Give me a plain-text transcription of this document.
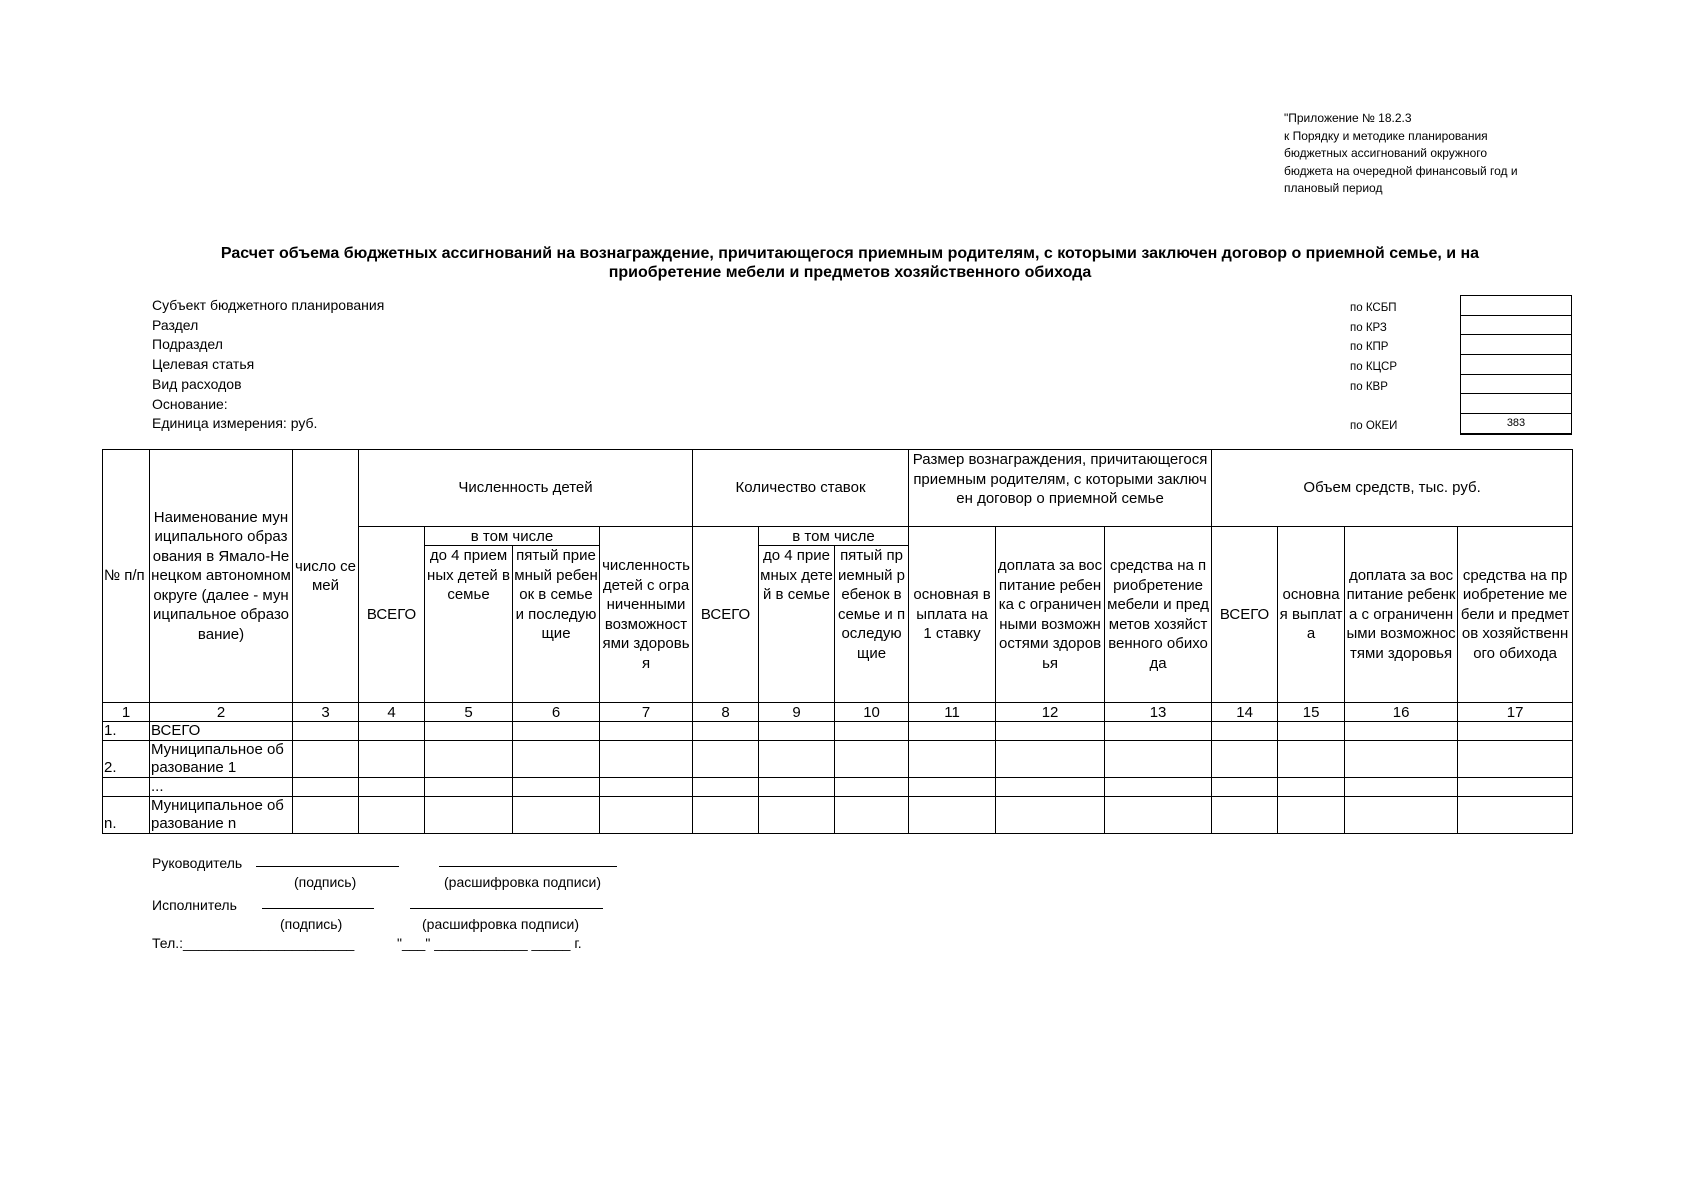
"Приложение № 18.2.3
к Порядку и методике планирования
бюджетных ассигнований окружного
бюджета на очередной финансовый год и
плановый период
Расчет объема бюджетных ассигнований на вознаграждение, причитающегося приемным родителям, с которыми заключен договор о приемной семье, и на
приобретение мебели и предметов хозяйственного обихода
Субъект бюджетного планирования
Раздел
Подраздел
Целевая статья
Вид расходов
Основание:
Единица измерения: руб.
по КСБП
по КРЗ
по КПР
по КЦСР
по КВР

по ОКЕИ	383
№ п/п	Наименование муниципального образования в Ямало-Ненецком автономном округе (далее - муниципальное образование)	число семей	Численность детей				Количество ставок			Размер вознаграждения, причитающегося приемным родителям, с которыми заключен договор о приемной семье			Объем средств, тыс. руб.			
			ВСЕГО	в том числе		численность детей с ограниченными возможностями здоровья	ВСЕГО	в том числе		основная выплата на 1 ставку	доплата за воспитание ребенка с ограниченными возможностями здоровья	средства на приобретение мебели и предметов хозяйственного обихода	ВСЕГО	основная выплата	доплата за воспитание ребенка с ограниченными возможностями здоровья	средства на приобретение мебели и предметов хозяйственного обихода
				до 4 приемных детей в семье	пятый приемный ребенок в семье и последующие			до 4 приемных детей в семье	пятый приемный ребенок в семье и последующие							
1	2	3	4	5	6	7	8	9	10	11	12	13	14	15	16	17
1.	ВСЕГО															
2.	Муниципальное образование 1															
	...															
n.	Муниципальное образование n															
Руководитель
(подпись)	(расшифровка подписи)
Исполнитель
(подпись)	(расшифровка подписи)
Тел.:______________________	"___" ____________ _____ г.
